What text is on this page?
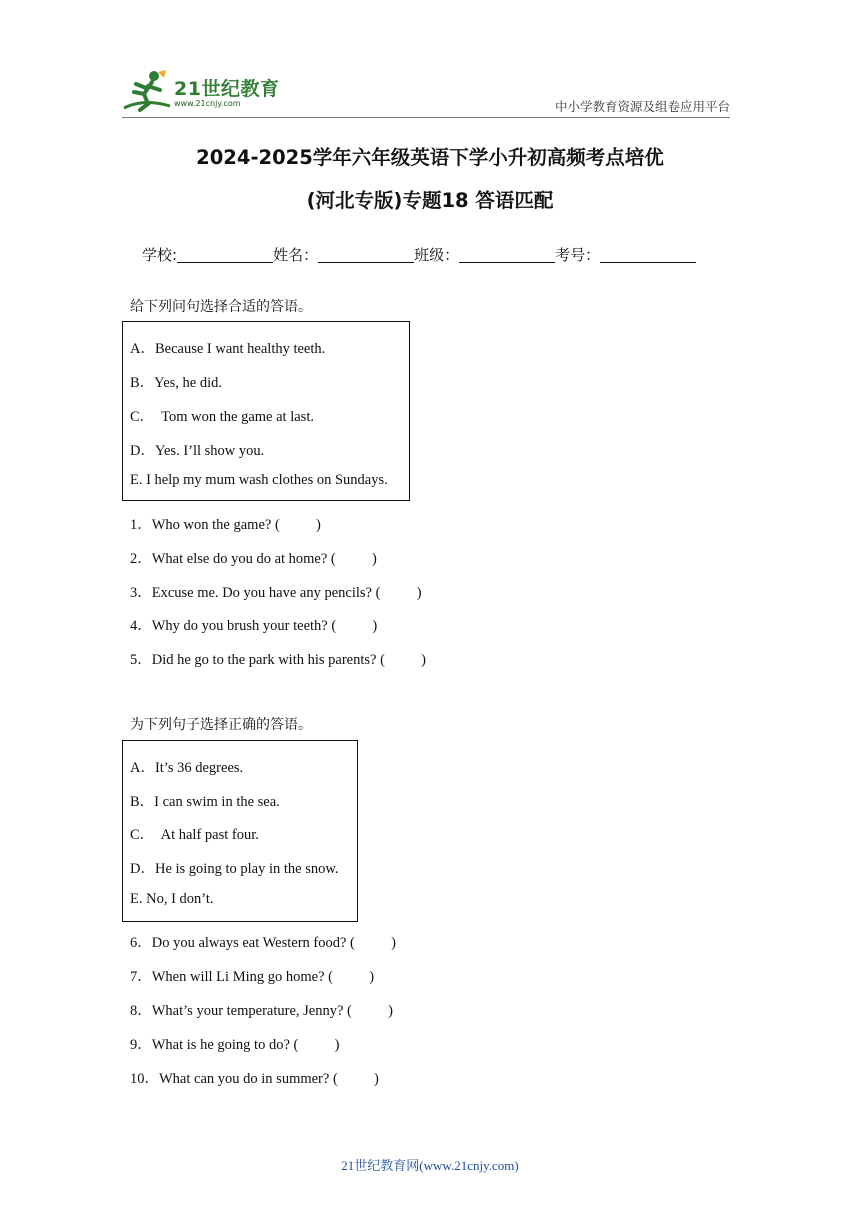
21世纪教育
www.21cnjy.com	中小学教育资源及组卷应用平台
2024-2025学年六年级英语下学小升初高频考点培优
(河北专版)专题18 答语匹配
学校:	姓名：	班级：	考号：
给下列问句选择合适的答语。
A．Because I want healthy teeth.
B．Yes, he did.
C．  Tom won the game at last.
D．Yes. I’ll show you.
E. I help my mum wash clothes on Sundays.
1．Who won the game? (          )
2．What else do you do at home? (          )
3．Excuse me. Do you have any pencils? (          )
4．Why do you brush your teeth? (          )
5．Did he go to the park with his parents? (          )
为下列句子选择正确的答语。
A．It’s 36 degrees.
B．I can swim in the sea.
C．  At half past four.
D．He is going to play in the snow.
E. No, I don’t.
6．Do you always eat Western food? (          )
7．When will Li Ming go home? (          )
8．What’s your temperature, Jenny? (          )
9．What is he going to do? (          )
10．What can you do in summer? (          )
21世纪教育网(www.21cnjy.com)
